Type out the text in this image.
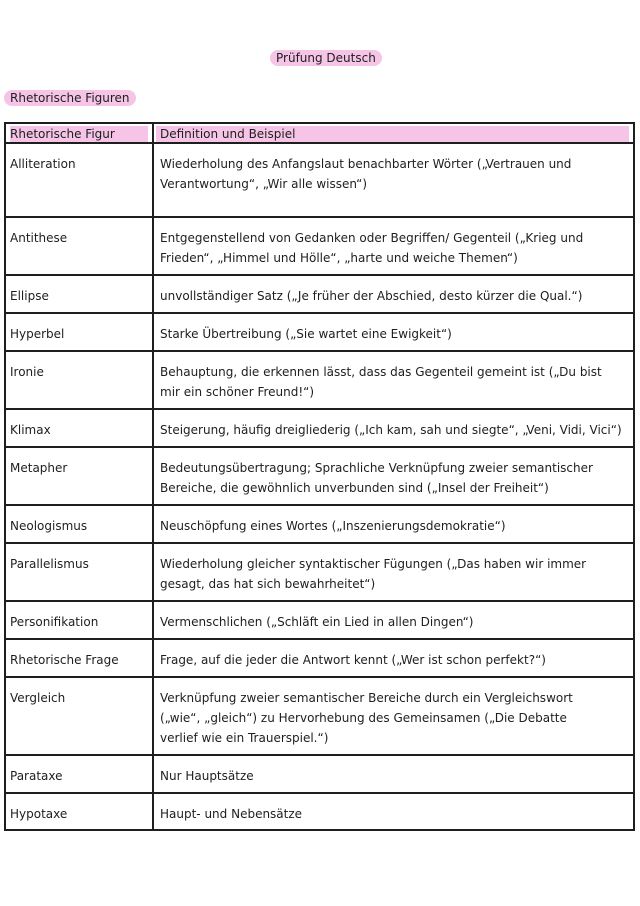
Prüfung Deutsch
Rhetorische Figuren
Rhetorische Figur	Definition und Beispiel
Alliteration	Wiederholung des Anfangslaut benachbarter Wörter („Vertrauen und
Verantwortung“, „Wir alle wissen“)
Antithese	Entgegenstellend von Gedanken oder Begriffen/ Gegenteil („Krieg und
Frieden“, „Himmel und Hölle“, „harte und weiche Themen“)
Ellipse	unvollständiger Satz („Je früher der Abschied, desto kürzer die Qual.“)
Hyperbel	Starke Übertreibung („Sie wartet eine Ewigkeit“)
Ironie	Behauptung, die erkennen lässt, dass das Gegenteil gemeint ist („Du bist
mir ein schöner Freund!“)
Klimax	Steigerung, häufig dreigliederig („Ich kam, sah und siegte“, „Veni, Vidi, Vici“)
Metapher	Bedeutungsübertragung; Sprachliche Verknüpfung zweier semantischer
Bereiche, die gewöhnlich unverbunden sind („Insel der Freiheit“)
Neologismus	Neuschöpfung eines Wortes („Inszenierungsdemokratie“)
Parallelismus	Wiederholung gleicher syntaktischer Fügungen („Das haben wir immer
gesagt, das hat sich bewahrheitet“)
Personifikation	Vermenschlichen („Schläft ein Lied in allen Dingen“)
Rhetorische Frage	Frage, auf die jeder die Antwort kennt („Wer ist schon perfekt?“)
Vergleich	Verknüpfung zweier semantischer Bereiche durch ein Vergleichswort
(„wie“, „gleich“) zu Hervorhebung des Gemeinsamen („Die Debatte
verlief wie ein Trauerspiel.“)
Parataxe	Nur Hauptsätze
Hypotaxe	Haupt- und Nebensätze
